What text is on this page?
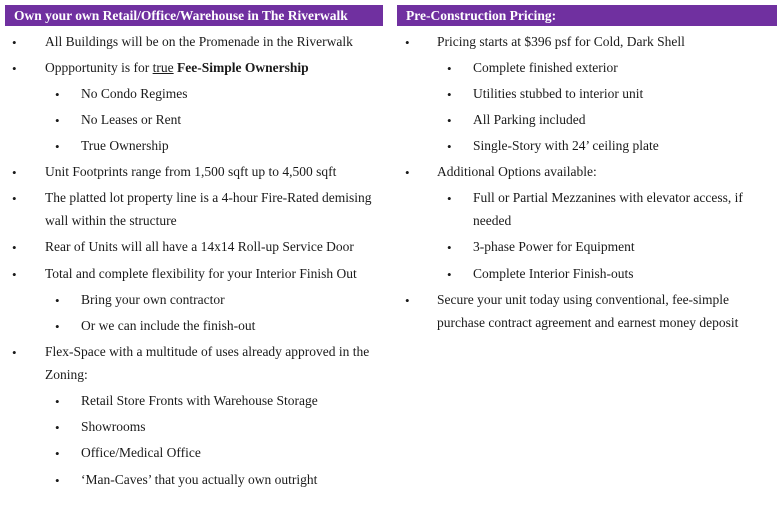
Own your own Retail/Office/Warehouse in The Riverwalk
• All Buildings will be on the Promenade in the Riverwalk
• Oppportunity is for true Fee-Simple Ownership
• No Condo Regimes
• No Leases or Rent
• True Ownership
• Unit Footprints range from 1,500 sqft up to 4,500 sqft
• The platted lot property line is a 4-hour Fire-Rated demising
wall within the structure
• Rear of Units will all have a 14x14 Roll-up Service Door
• Total and complete flexibility for your Interior Finish Out
• Bring your own contractor
• Or we can include the finish-out
• Flex-Space with a multitude of uses already approved in the
Zoning:
• Retail Store Fronts with Warehouse Storage
• Showrooms
• Office/Medical Office
• ‘Man-Caves’ that you actually own outright
Pre-Construction Pricing:
• Pricing starts at $396 psf for Cold, Dark Shell
• Complete finished exterior
• Utilities stubbed to interior unit
• All Parking included
• Single-Story with 24’ ceiling plate
• Additional Options available:
• Full or Partial Mezzanines with elevator access, if
needed
• 3-phase Power for Equipment
• Complete Interior Finish-outs
• Secure your unit today using conventional, fee-simple
purchase contract agreement and earnest money deposit
